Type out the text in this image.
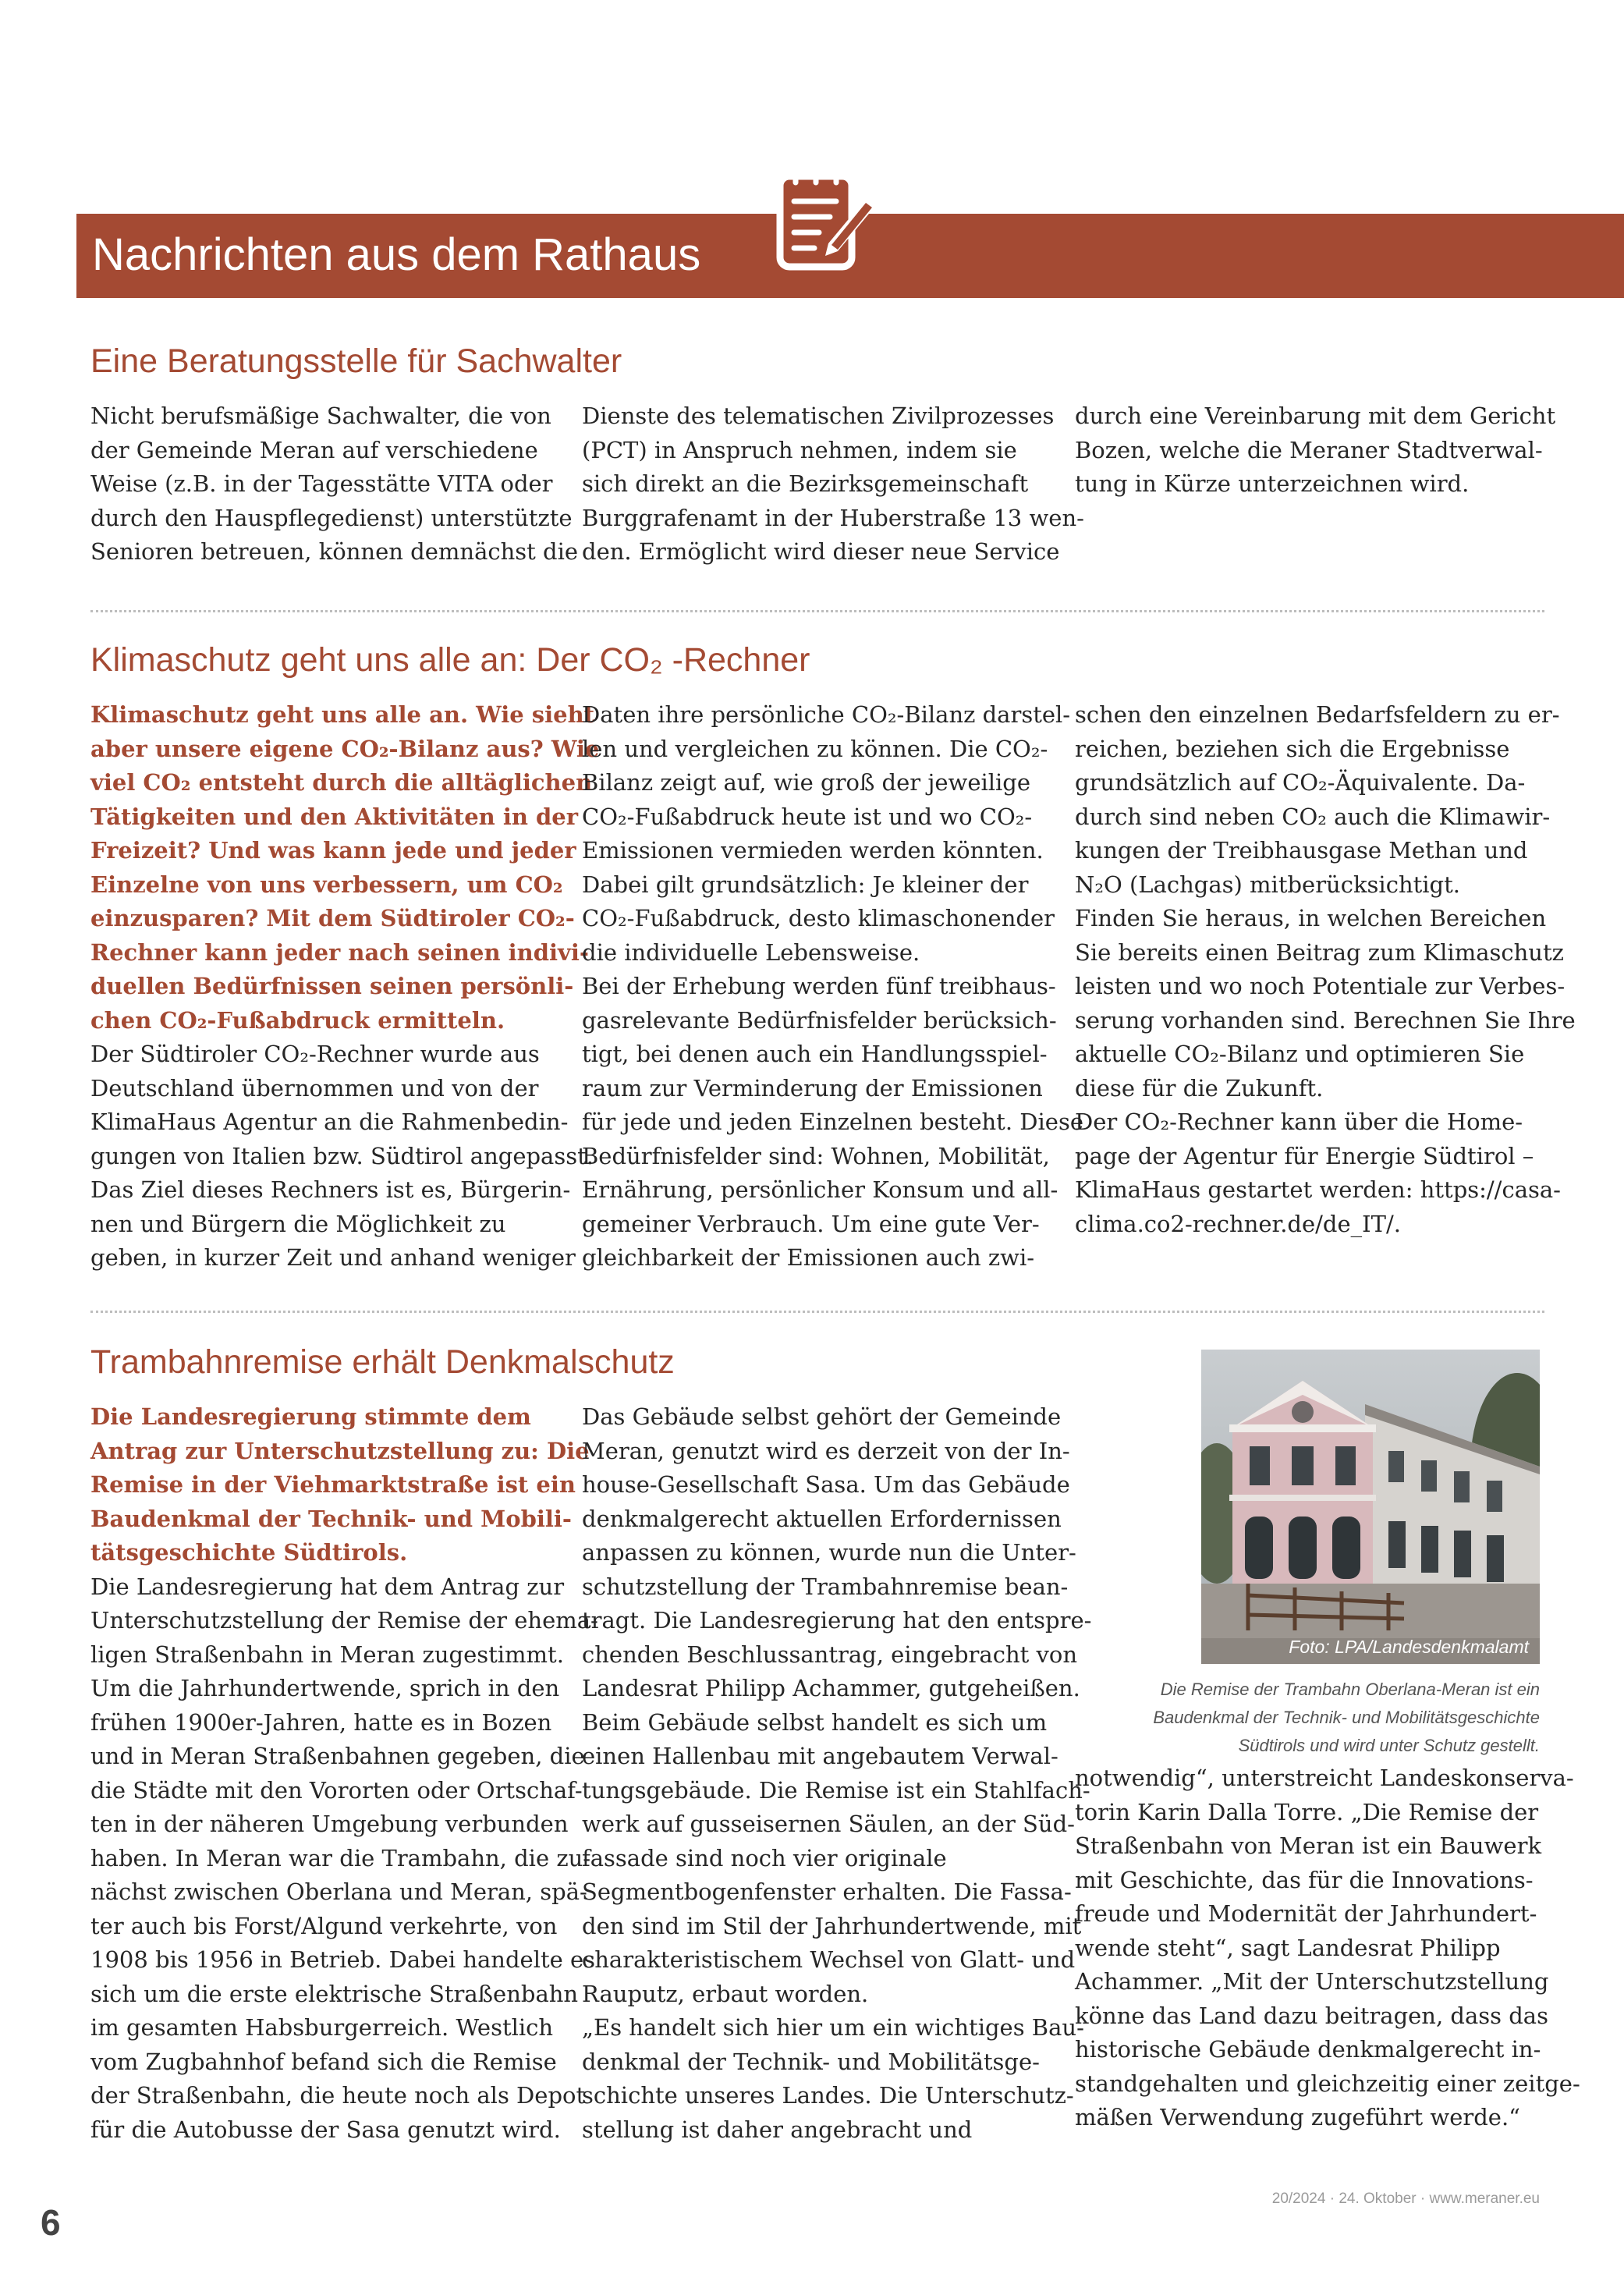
Nachrichten aus dem Rathaus
Eine Beratungsstelle für Sachwalter

Nicht berufsmäßige Sachwalter, die von

der Gemeinde Meran auf verschiedene

Weise (z.B. in der Tagesstätte VITA oder

durch den Hauspflegedienst) unterstützte

Senioren betreuen, können demnächst die

Dienste des telematischen Zivilprozesses

(PCT) in Anspruch nehmen, indem sie

sich direkt an die Bezirksgemeinschaft

Burggrafenamt in der Huberstraße 13 wen-

den. Ermöglicht wird dieser neue Service

durch eine Vereinbarung mit dem Gericht

Bozen, welche die Meraner Stadtverwal-

tung in Kürze unterzeichnen wird.

Klimaschutz geht uns alle an: Der CO₂ -Rechner

Klimaschutz geht uns alle an. Wie sieht

aber unsere eigene CO₂-Bilanz aus? Wie

viel CO₂ entsteht durch die alltäglichen

Tätigkeiten und den Aktivitäten in der

Freizeit? Und was kann jede und jeder

Einzelne von uns verbessern, um CO₂

einzusparen? Mit dem Südtiroler CO₂-

Rechner kann jeder nach seinen indivi-

duellen Bedürfnissen seinen persönli-

chen CO₂-Fußabdruck ermitteln.

Der Südtiroler CO₂-Rechner wurde aus

Deutschland übernommen und von der

KlimaHaus Agentur an die Rahmenbedin-

gungen von Italien bzw. Südtirol angepasst.

Das Ziel dieses Rechners ist es, Bürgerin-

nen und Bürgern die Möglichkeit zu

geben, in kurzer Zeit und anhand weniger

Daten ihre persönliche CO₂-Bilanz darstel-

len und vergleichen zu können. Die CO₂-

Bilanz zeigt auf, wie groß der jeweilige

CO₂-Fußabdruck heute ist und wo CO₂-

Emissionen vermieden werden könnten.

Dabei gilt grundsätzlich: Je kleiner der

CO₂-Fußabdruck, desto klimaschonender

die individuelle Lebensweise.

Bei der Erhebung werden fünf treibhaus-

gasrelevante Bedürfnisfelder berücksich-

tigt, bei denen auch ein Handlungsspiel-

raum zur Verminderung der Emissionen

für jede und jeden Einzelnen besteht. Diese

Bedürfnisfelder sind: Wohnen, Mobilität,

Ernährung, persönlicher Konsum und all-

gemeiner Verbrauch. Um eine gute Ver-

gleichbarkeit der Emissionen auch zwi-

schen den einzelnen Bedarfsfeldern zu er-

reichen, beziehen sich die Ergebnisse

grundsätzlich auf CO₂-Äquivalente. Da-

durch sind neben CO₂ auch die Klimawir-

kungen der Treibhausgase Methan und

N₂O (Lachgas) mitberücksichtigt.

Finden Sie heraus, in welchen Bereichen

Sie bereits einen Beitrag zum Klimaschutz

leisten und wo noch Potentiale zur Verbes-

serung vorhanden sind. Berechnen Sie Ihre

aktuelle CO₂-Bilanz und optimieren Sie

diese für die Zukunft.

Der CO₂-Rechner kann über die Home-

page der Agentur für Energie Südtirol –

KlimaHaus gestartet werden: https://casa-

clima.co2-rechner.de/de_IT/.

Trambahnremise erhält Denkmalschutz

Die Landesregierung stimmte dem

Antrag zur Unterschutzstellung zu: Die

Remise in der Viehmarktstraße ist ein

Baudenkmal der Technik- und Mobili-

tätsgeschichte Südtirols.

Die Landesregierung hat dem Antrag zur

Unterschutzstellung der Remise der ehema-

ligen Straßenbahn in Meran zugestimmt.

Um die Jahrhundertwende, sprich in den

frühen 1900er-Jahren, hatte es in Bozen

und in Meran Straßenbahnen gegeben, die

die Städte mit den Vororten oder Ortschaf-

ten in der näheren Umgebung verbunden

haben. In Meran war die Trambahn, die zu-

nächst zwischen Oberlana und Meran, spä-

ter auch bis Forst/Algund verkehrte, von

1908 bis 1956 in Betrieb. Dabei handelte es

sich um die erste elektrische Straßenbahn

im gesamten Habsburgerreich. Westlich

vom Zugbahnhof befand sich die Remise

der Straßenbahn, die heute noch als Depot

für die Autobusse der Sasa genutzt wird.

Das Gebäude selbst gehört der Gemeinde

Meran, genutzt wird es derzeit von der In-

house-Gesellschaft Sasa. Um das Gebäude

denkmalgerecht aktuellen Erfordernissen

anpassen zu können, wurde nun die Unter-

schutzstellung der Trambahnremise bean-

tragt. Die Landesregierung hat den entspre-

chenden Beschlussantrag, eingebracht von

Landesrat Philipp Achammer, gutgeheißen.

Beim Gebäude selbst handelt es sich um

einen Hallenbau mit angebautem Verwal-

tungsgebäude. Die Remise ist ein Stahlfach-

werk auf gusseisernen Säulen, an der Süd-

fassade sind noch vier originale

Segmentbogenfenster erhalten. Die Fassa-

den sind im Stil der Jahrhundertwende, mit

charakteristischem Wechsel von Glatt- und

Rauputz, erbaut worden.

„Es handelt sich hier um ein wichtiges Bau-

denkmal der Technik- und Mobilitätsge-

schichte unseres Landes. Die Unterschutz-

stellung ist daher angebracht und

Foto: LPA/Landesdenkmalamt
Die Remise der Trambahn Oberlana-Meran ist ein
Baudenkmal der Technik- und Mobilitätsgeschichte
Südtirols und wird unter Schutz gestellt.

notwendig“, unterstreicht Landeskonserva-

torin Karin Dalla Torre. „Die Remise der

Straßenbahn von Meran ist ein Bauwerk

mit Geschichte, das für die Innovations-

freude und Modernität der Jahrhundert-

wende steht“, sagt Landesrat Philipp

Achammer. „Mit der Unterschutzstellung

könne das Land dazu beitragen, dass das

historische Gebäude denkmalgerecht in-

standgehalten und gleichzeitig einer zeitge-

mäßen Verwendung zugeführt werde.“

6
20/2024 · 24. Oktober · www.meraner.eu
